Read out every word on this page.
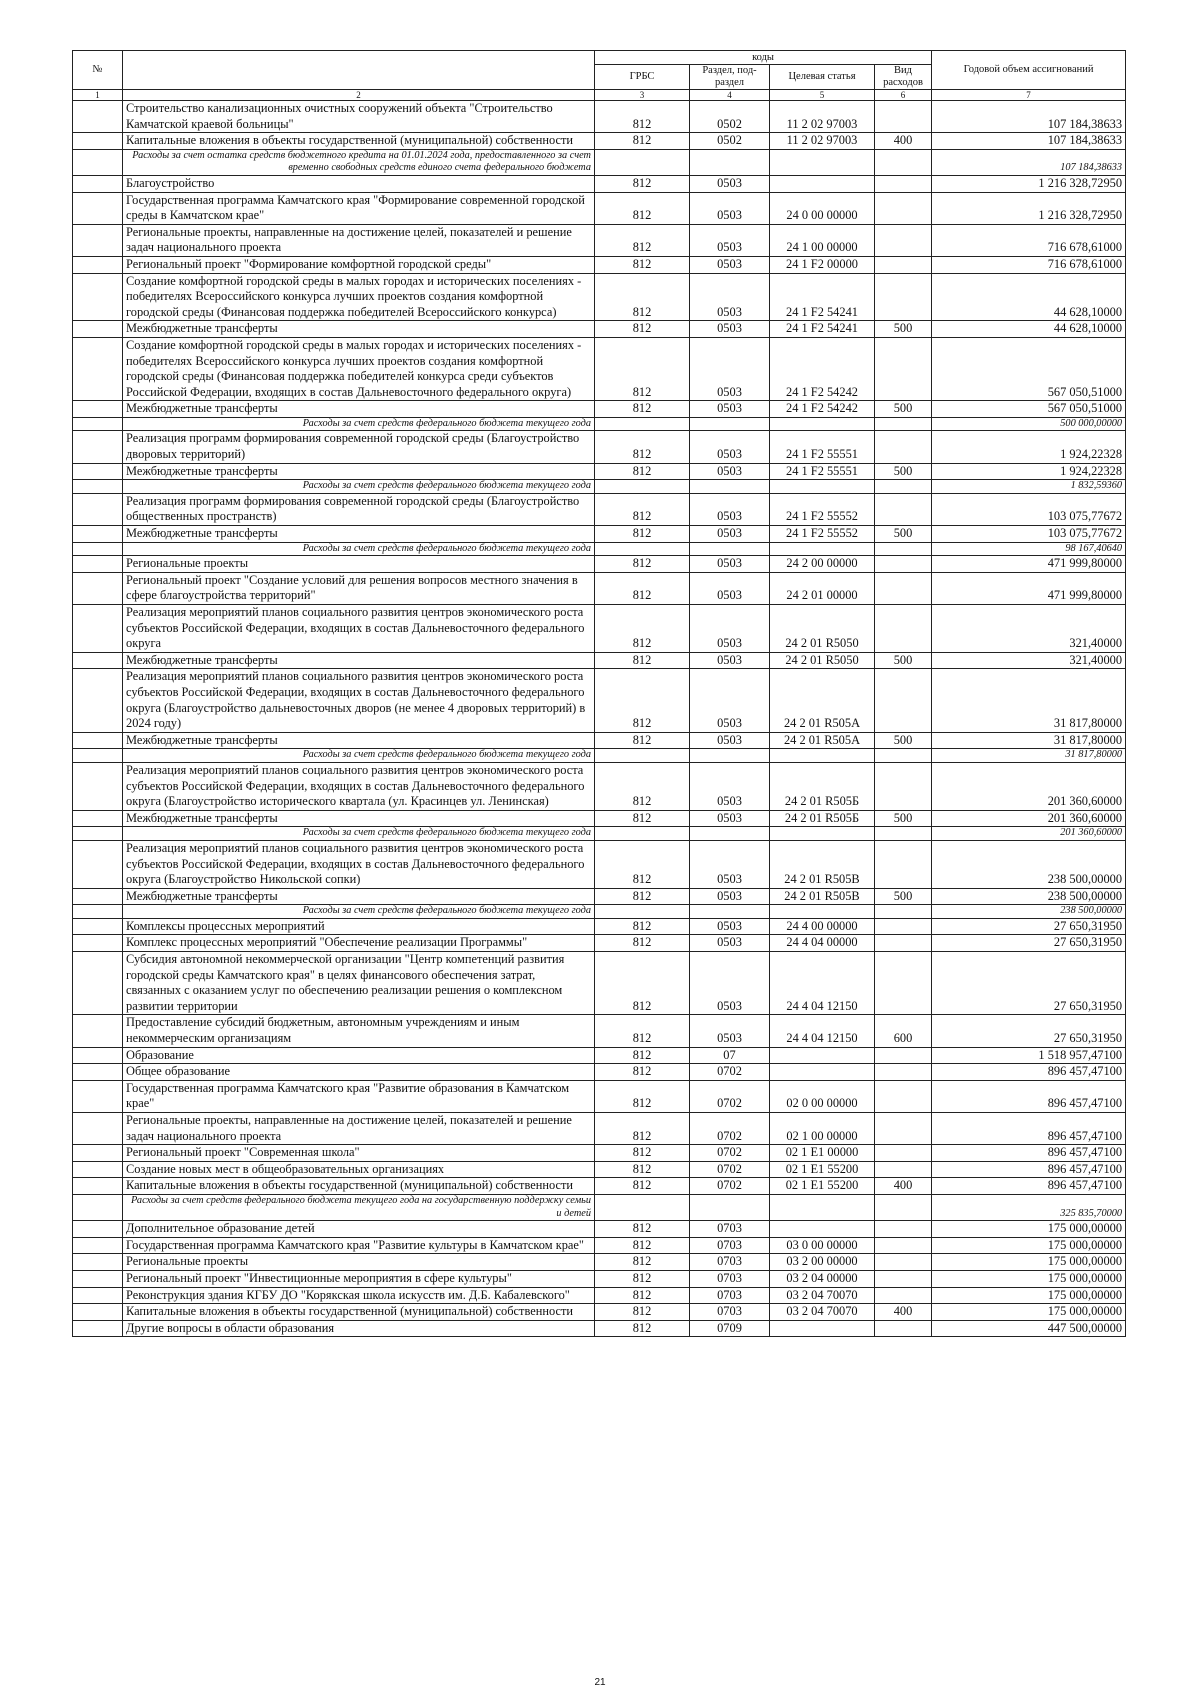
№		коды				Годовой объем ассигнований
		ГРБС	Раздел, под-раздел	Целевая статья	Вид расходов	
1	2	3	4	5	6	7
	Строительство канализационных очистных сооружений объекта "Строительство Камчатской краевой больницы"	812	0502	11 2 02 97003		107 184,38633
	Капитальные вложения в объекты государственной (муниципальной) собственности	812	0502	11 2 02 97003	400	107 184,38633
	Расходы за счет остатка средств бюджетного кредита на 01.01.2024 года, предоставленного за счет временно свободных средств единого счета федерального бюджета					107 184,38633
	Благоустройство	812	0503			1 216 328,72950
	Государственная программа Камчатского края "Формирование современной городской среды в Камчатском крае"	812	0503	24 0 00 00000		1 216 328,72950
	Региональные проекты, направленные на достижение целей, показателей и решение задач национального проекта	812	0503	24 1 00 00000		716 678,61000
	Региональный проект "Формирование комфортной городской среды"	812	0503	24 1 F2 00000		716 678,61000
	Создание комфортной городской среды в малых городах и исторических поселениях - победителях Всероссийского конкурса лучших проектов создания комфортной городской среды (Финансовая поддержка победителей Всероссийского конкурса)	812	0503	24 1 F2 54241		44 628,10000
	Межбюджетные трансферты	812	0503	24 1 F2 54241	500	44 628,10000
	Создание комфортной городской среды в малых городах и исторических поселениях - победителях Всероссийского конкурса лучших проектов создания комфортной городской среды (Финансовая поддержка победителей конкурса среди субъектов Российской Федерации, входящих в состав Дальневосточного федерального округа)	812	0503	24 1 F2 54242		567 050,51000
	Межбюджетные трансферты	812	0503	24 1 F2 54242	500	567 050,51000
	Расходы за счет средств федерального бюджета текущего года					500 000,00000
	Реализация программ формирования современной городской среды (Благоустройство дворовых территорий)	812	0503	24 1 F2 55551		1 924,22328
	Межбюджетные трансферты	812	0503	24 1 F2 55551	500	1 924,22328
	Расходы за счет средств федерального бюджета текущего года					1 832,59360
	Реализация программ формирования современной городской среды (Благоустройство общественных пространств)	812	0503	24 1 F2 55552		103 075,77672
	Межбюджетные трансферты	812	0503	24 1 F2 55552	500	103 075,77672
	Расходы за счет средств федерального бюджета текущего года					98 167,40640
	Региональные проекты	812	0503	24 2 00 00000		471 999,80000
	Региональный проект "Создание условий для решения вопросов местного значения в сфере благоустройства территорий"	812	0503	24 2 01 00000		471 999,80000
	Реализация мероприятий планов социального развития центров экономического роста субъектов Российской Федерации, входящих в состав Дальневосточного федерального округа	812	0503	24 2 01 R5050		321,40000
	Межбюджетные трансферты	812	0503	24 2 01 R5050	500	321,40000
	Реализация мероприятий планов социального развития центров экономического роста субъектов Российской Федерации, входящих в состав Дальневосточного федерального округа (Благоустройство дальневосточных дворов (не менее 4 дворовых территорий) в 2024 году)	812	0503	24 2 01 R505А		31 817,80000
	Межбюджетные трансферты	812	0503	24 2 01 R505А	500	31 817,80000
	Расходы за счет средств федерального бюджета текущего года					31 817,80000
	Реализация мероприятий планов социального развития центров экономического роста субъектов Российской Федерации, входящих в состав Дальневосточного федерального округа (Благоустройство исторического квартала (ул. Красинцев ул. Ленинская)	812	0503	24 2 01 R505Б		201 360,60000
	Межбюджетные трансферты	812	0503	24 2 01 R505Б	500	201 360,60000
	Расходы за счет средств федерального бюджета текущего года					201 360,60000
	Реализация мероприятий планов социального развития центров экономического роста субъектов Российской Федерации, входящих в состав Дальневосточного федерального округа (Благоустройство Никольской сопки)	812	0503	24 2 01 R505В		238 500,00000
	Межбюджетные трансферты	812	0503	24 2 01 R505В	500	238 500,00000
	Расходы за счет средств федерального бюджета текущего года					238 500,00000
	Комплексы процессных мероприятий	812	0503	24 4 00 00000		27 650,31950
	Комплекс процессных мероприятий "Обеспечение реализации Программы"	812	0503	24 4 04 00000		27 650,31950
	Субсидия автономной некоммерческой организации "Центр компетенций развития городской среды Камчатского края" в целях финансового обеспечения затрат, связанных с оказанием услуг по обеспечению реализации решения о комплексном развитии территории	812	0503	24 4 04 12150		27 650,31950
	Предоставление субсидий бюджетным, автономным учреждениям и иным некоммерческим организациям	812	0503	24 4 04 12150	600	27 650,31950
	Образование	812	07			1 518 957,47100
	Общее образование	812	0702			896 457,47100
	Государственная программа Камчатского края "Развитие образования в Камчатском крае"	812	0702	02 0 00 00000		896 457,47100
	Региональные проекты, направленные на достижение целей, показателей и решение задач национального проекта	812	0702	02 1 00 00000		896 457,47100
	Региональный проект "Современная школа"	812	0702	02 1 E1 00000		896 457,47100
	Создание новых мест в общеобразовательных организациях	812	0702	02 1 E1 55200		896 457,47100
	Капитальные вложения в объекты государственной (муниципальной) собственности	812	0702	02 1 E1 55200	400	896 457,47100
	Расходы за счет средств федерального бюджета текущего года на государственную поддержку семьи и детей					325 835,70000
	Дополнительное образование детей	812	0703			175 000,00000
	Государственная программа Камчатского края "Развитие культуры в Камчатском крае"	812	0703	03 0 00 00000		175 000,00000
	Региональные проекты	812	0703	03 2 00 00000		175 000,00000
	Региональный проект "Инвестиционные мероприятия в сфере культуры"	812	0703	03 2 04 00000		175 000,00000
	Реконструкция здания КГБУ ДО "Корякская школа искусств им. Д.Б. Кабалевского"	812	0703	03 2 04 70070		175 000,00000
	Капитальные вложения в объекты государственной (муниципальной) собственности	812	0703	03 2 04 70070	400	175 000,00000
	Другие вопросы в области образования	812	0709			447 500,00000
21
